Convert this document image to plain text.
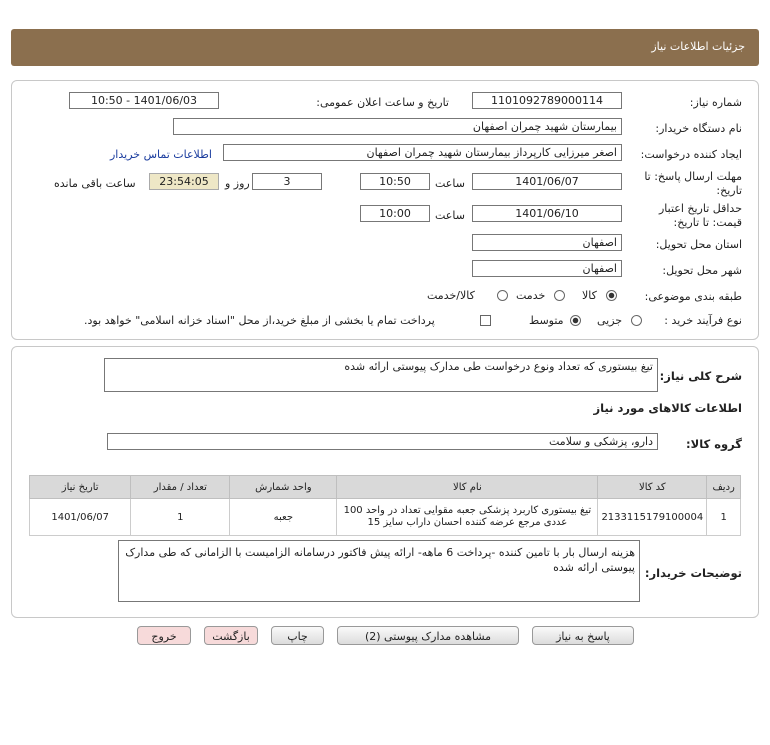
جزئیات اطلاعات نیاز
شماره نیاز:
1101092789000114
تاریخ و ساعت اعلان عمومی:
1401/06/03 - 10:50
نام دستگاه خریدار:
بیمارستان شهید چمران اصفهان
ایجاد کننده درخواست:
اصغر میرزایی کارپرداز بیمارستان شهید چمران اصفهان
اطلاعات تماس خریدار
مهلت ارسال پاسخ: تا
تاریخ:
1401/06/07
ساعت
10:50
3
روز و
23:54:05
ساعت باقی مانده
حداقل تاریخ اعتبار
قیمت: تا تاریخ:
1401/06/10
ساعت
10:00
استان محل تحویل:
اصفهان
شهر محل تحویل:
اصفهان
طبقه بندی موضوعی:
کالا
خدمت
کالا/خدمت
نوع فرآیند خرید :
جزیی
متوسط
پرداخت تمام یا بخشی از مبلغ خرید،از محل "اسناد خزانه اسلامی" خواهد بود.
شرح کلی نیاز:
تیغ بیستوری که تعداد ونوع درخواست طی مدارک پیوستی ارائه شده
اطلاعات کالاهای مورد نیاز
گروه کالا:
دارو، پزشکی و سلامت
ردیف	کد کالا	نام کالا	واحد شمارش	تعداد / مقدار	تاریخ نیاز
1	2133115179100004	تیغ بیستوری کاربرد پزشکی جعبه مقوایی تعداد در واحد 100 عددی مرجع عرضه کننده احسان داراب سایز 15	جعبه	1	1401/06/07
توضیحات خریدار:
هزینه ارسال بار با تامین کننده -پرداخت 6 ماهه- ارائه پیش فاکتور درسامانه الزامیست با الزامانی که طی مدارک پیوستی ارائه شده
پاسخ به نیاز
مشاهده مدارک پیوستی (2)
چاپ
بازگشت
خروج
